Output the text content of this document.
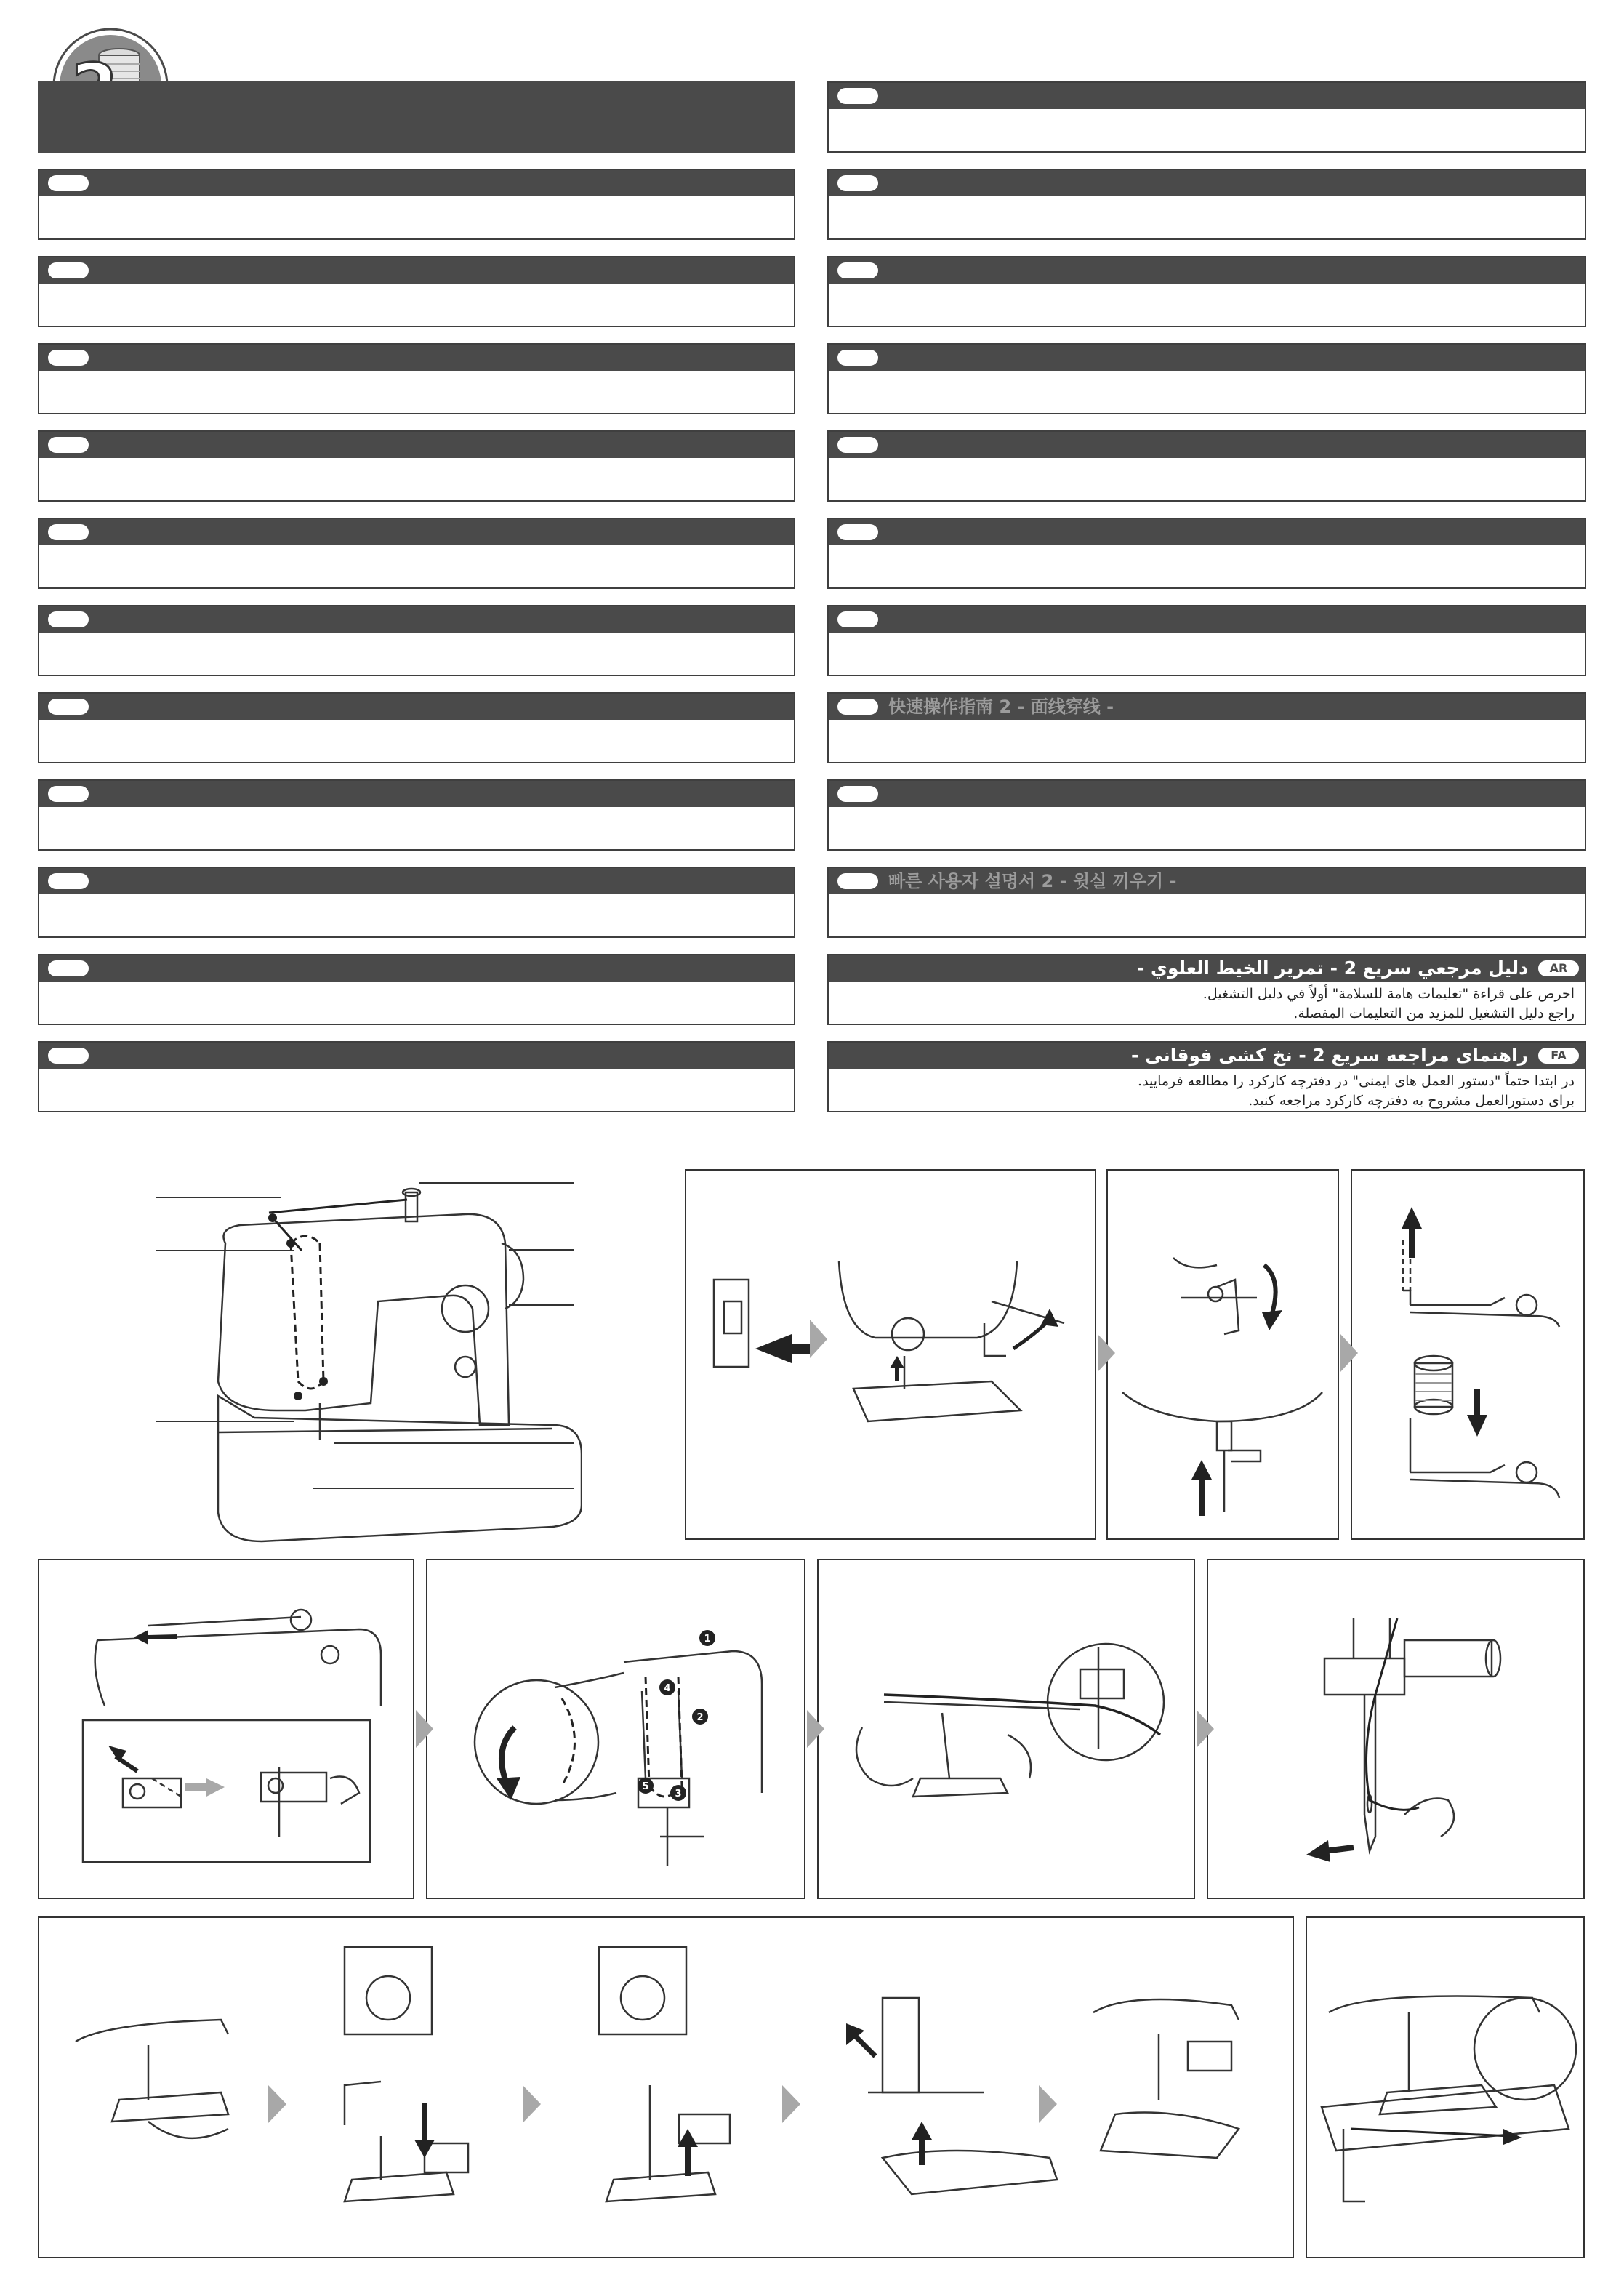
快速操作指南 2 - 面线穿线 -
빠른 사용자 설명서 2 - 윗실 끼우기 -
AR
دليل مرجعي سريع 2 - تمرير الخيط العلوي -
احرص على قراءة "تعليمات هامة للسلامة" أولاً في دليل التشغيل.
راجع دليل التشغيل للمزيد من التعليمات المفصلة.
FA
راهنمای مراجعه سریع 2 - نخ کشی فوقانی -
در ابتدا حتماً "دستور العمل های ایمنی" در دفترچه کارکرد را مطالعه فرمایید.
برای دستورالعمل مشروح به دفترچه کارکرد مراجعه کنید.
1
2
3
4
5
